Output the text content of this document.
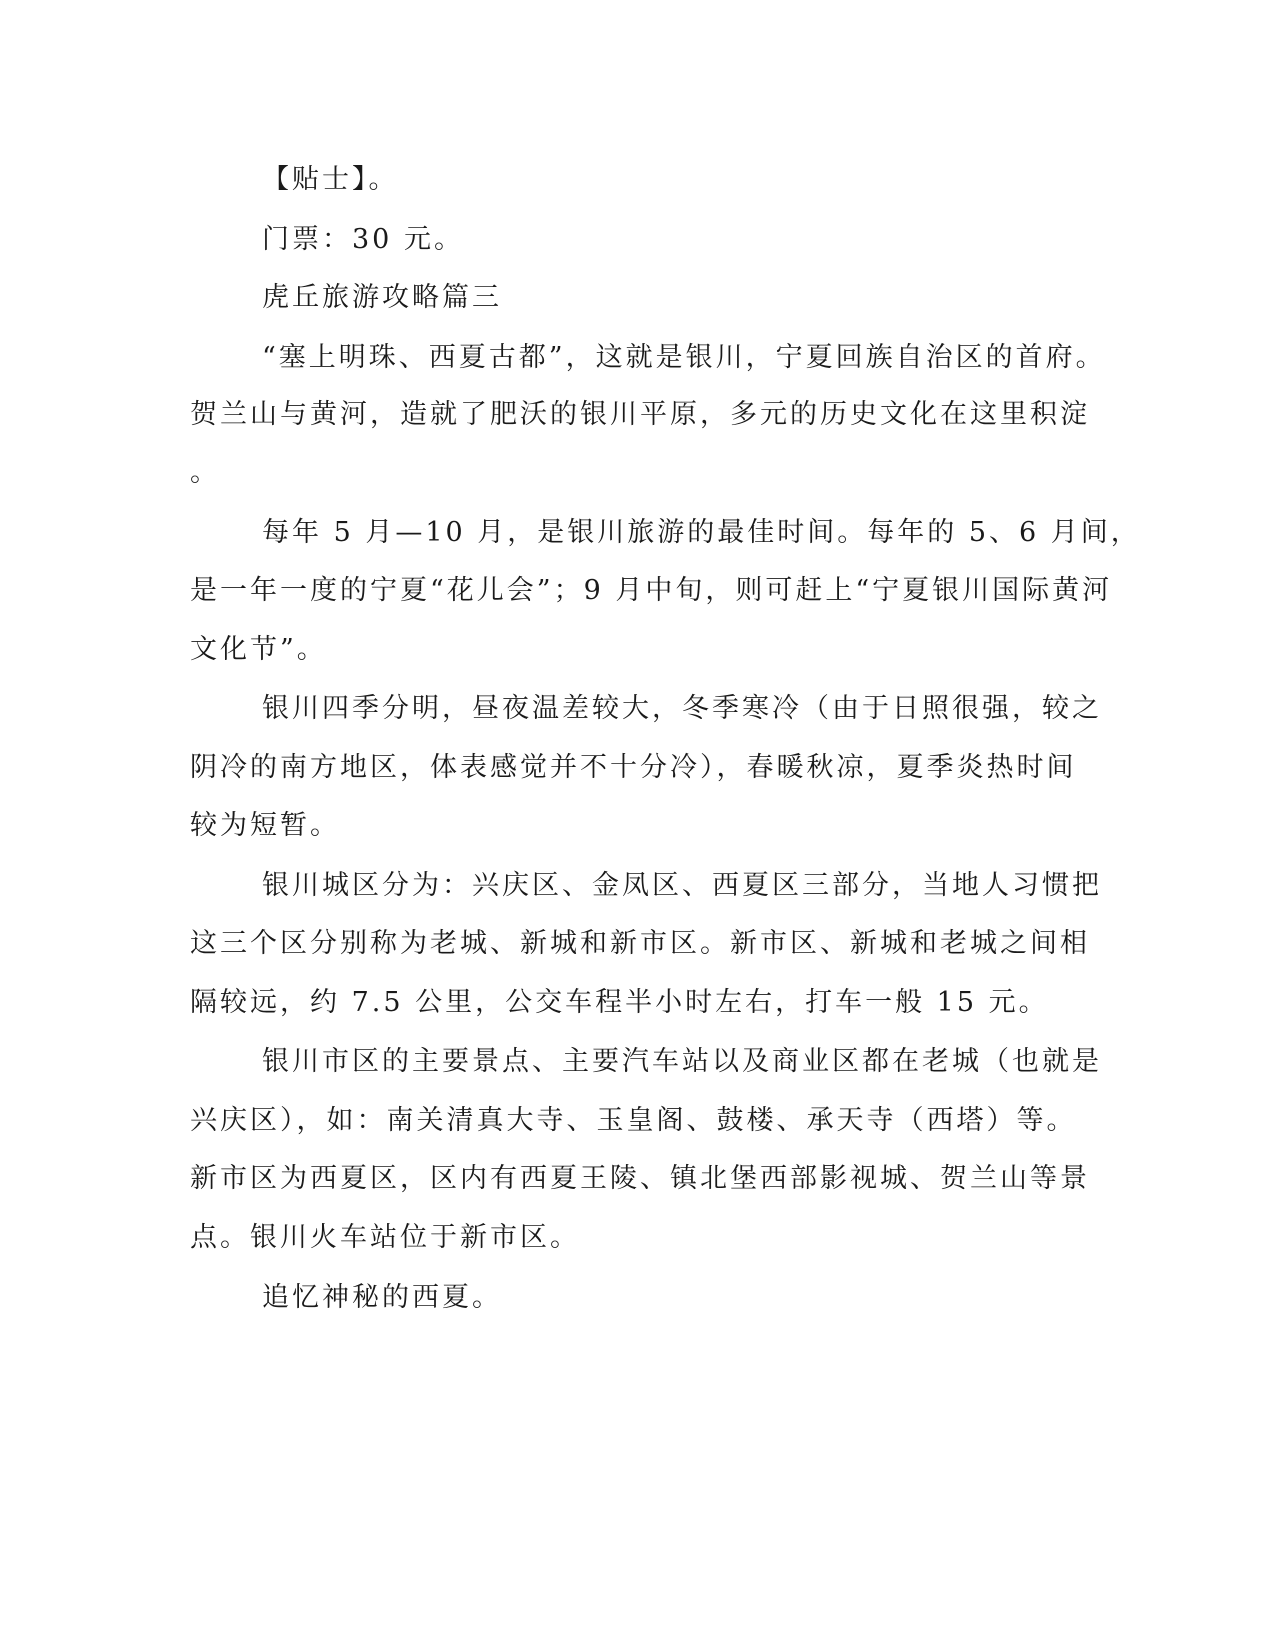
【贴士】。
门票：30 元。
虎丘旅游攻略篇三
“塞上明珠、西夏古都”，这就是银川，宁夏回族自治区的首府。
贺兰山与黄河，造就了肥沃的银川平原，多元的历史文化在这里积淀
。
每年 5 月—10 月，是银川旅游的最佳时间。每年的 5、6 月间，
是一年一度的宁夏“花儿会”；9 月中旬，则可赶上“宁夏银川国际黄河
文化节”。
银川四季分明，昼夜温差较大，冬季寒冷（由于日照很强，较之
阴冷的南方地区，体表感觉并不十分冷），春暖秋凉，夏季炎热时间
较为短暂。
银川城区分为：兴庆区、金凤区、西夏区三部分，当地人习惯把
这三个区分别称为老城、新城和新市区。新市区、新城和老城之间相
隔较远，约 7.5 公里，公交车程半小时左右，打车一般 15 元。
银川市区的主要景点、主要汽车站以及商业区都在老城（也就是
兴庆区），如：南关清真大寺、玉皇阁、鼓楼、承天寺（西塔）等。
新市区为西夏区，区内有西夏王陵、镇北堡西部影视城、贺兰山等景
点。银川火车站位于新市区。
追忆神秘的西夏。
